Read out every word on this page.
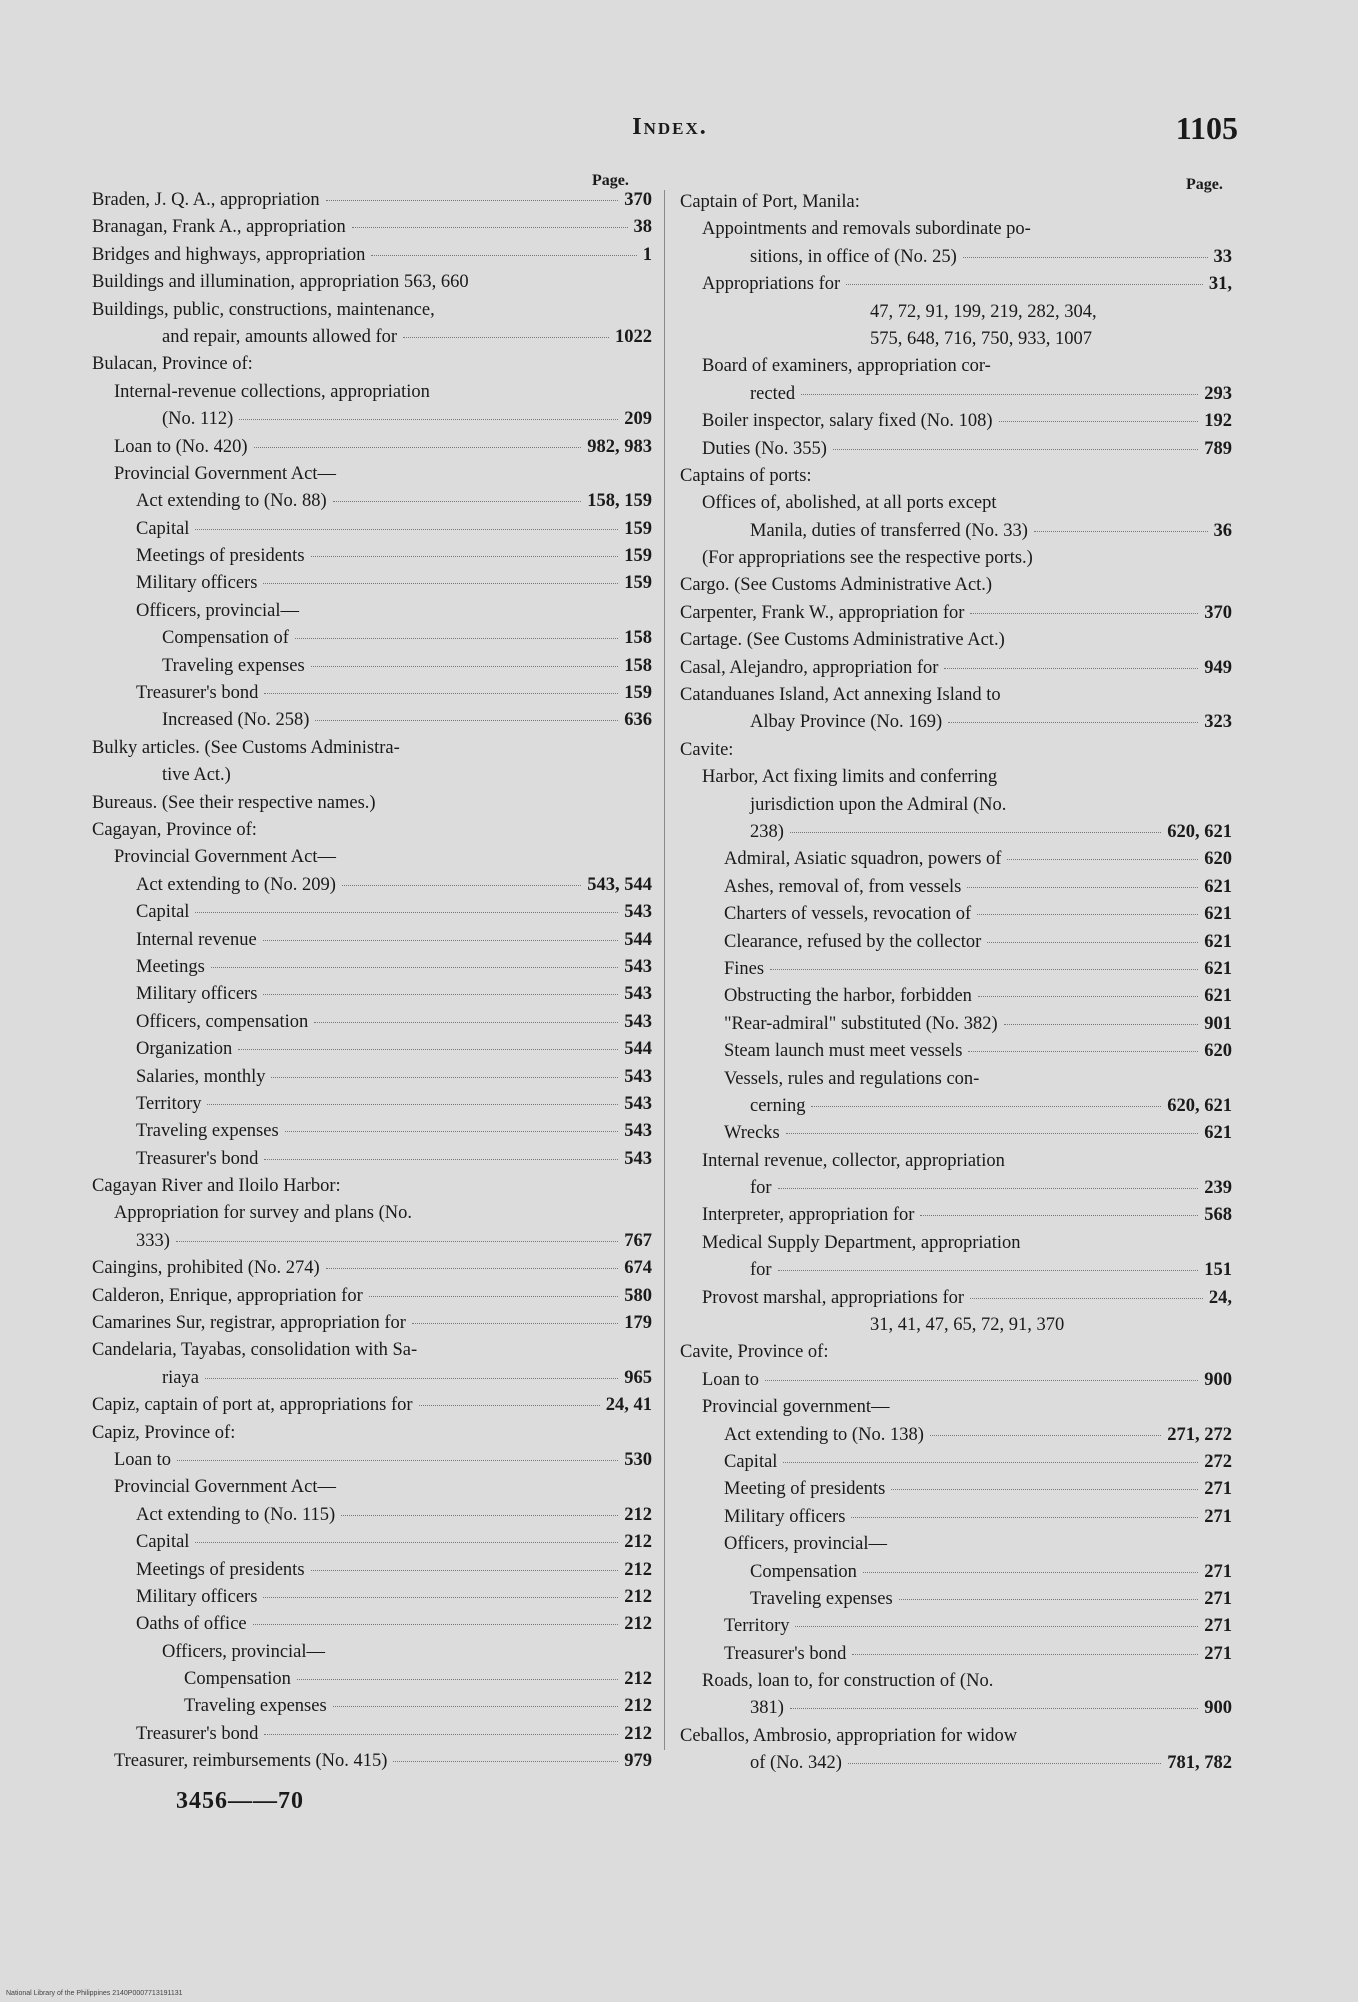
Index.	1105
Page.	Page.
Braden, J. Q. A., appropriation	370
Branagan, Frank A., appropriation	38
Bridges and highways, appropriation	1
Buildings and illumination, appropriation 563, 660
Buildings, public, constructions, maintenance,
and repair, amounts allowed for	1022
Bulacan, Province of:
Internal-revenue collections, appropriation
(No. 112)	209
Loan to (No. 420)	982, 983
Provincial Government Act—
Act extending to (No. 88)	158, 159
Capital	159
Meetings of presidents	159
Military officers	159
Officers, provincial—
Compensation of	158
Traveling expenses	158
Treasurer's bond	159
Increased (No. 258)	636
Bulky articles. (See Customs Administra-
tive Act.)
Bureaus. (See their respective names.)
Cagayan, Province of:
Provincial Government Act—
Act extending to (No. 209)	543, 544
Capital	543
Internal revenue	544
Meetings	543
Military officers	543
Officers, compensation	543
Organization	544
Salaries, monthly	543
Territory	543
Traveling expenses	543
Treasurer's bond	543
Cagayan River and Iloilo Harbor:
Appropriation for survey and plans (No.
333)	767
Caingins, prohibited (No. 274)	674
Calderon, Enrique, appropriation for	580
Camarines Sur, registrar, appropriation for	179
Candelaria, Tayabas, consolidation with Sa-
riaya	965
Capiz, captain of port at, appropriations for	24, 41
Capiz, Province of:
Loan to	530
Provincial Government Act—
Act extending to (No. 115)	212
Capital	212
Meetings of presidents	212
Military officers	212
Oaths of office	212
Officers, provincial—
Compensation	212
Traveling expenses	212
Treasurer's bond	212
Treasurer, reimbursements (No. 415)	979
Captain of Port, Manila:
Appointments and removals subordinate po-
sitions, in office of (No. 25)	33
Appropriations for	31,
47, 72, 91, 199, 219, 282, 304,
575, 648, 716, 750, 933, 1007
Board of examiners, appropriation cor-
rected	293
Boiler inspector, salary fixed (No. 108)	192
Duties (No. 355)	789
Captains of ports:
Offices of, abolished, at all ports except
Manila, duties of transferred (No. 33)	36
(For appropriations see the respective ports.)
Cargo. (See Customs Administrative Act.)
Carpenter, Frank W., appropriation for	370
Cartage. (See Customs Administrative Act.)
Casal, Alejandro, appropriation for	949
Catanduanes Island, Act annexing Island to
Albay Province (No. 169)	323
Cavite:
Harbor, Act fixing limits and conferring
jurisdiction upon the Admiral (No.
238)	620, 621
Admiral, Asiatic squadron, powers of	620
Ashes, removal of, from vessels	621
Charters of vessels, revocation of	621
Clearance, refused by the collector	621
Fines	621
Obstructing the harbor, forbidden	621
"Rear-admiral" substituted (No. 382)	901
Steam launch must meet vessels	620
Vessels, rules and regulations con-
cerning	620, 621
Wrecks	621
Internal revenue, collector, appropriation
for	239
Interpreter, appropriation for	568
Medical Supply Department, appropriation
for	151
Provost marshal, appropriations for	24,
31, 41, 47, 65, 72, 91, 370
Cavite, Province of:
Loan to	900
Provincial government—
Act extending to (No. 138)	271, 272
Capital	272
Meeting of presidents	271
Military officers	271
Officers, provincial—
Compensation	271
Traveling expenses	271
Territory	271
Treasurer's bond	271
Roads, loan to, for construction of (No.
381)	900
Ceballos, Ambrosio, appropriation for widow
of (No. 342)	781, 782
3456——70
National Library of the Philippines 2140P0007713191131
